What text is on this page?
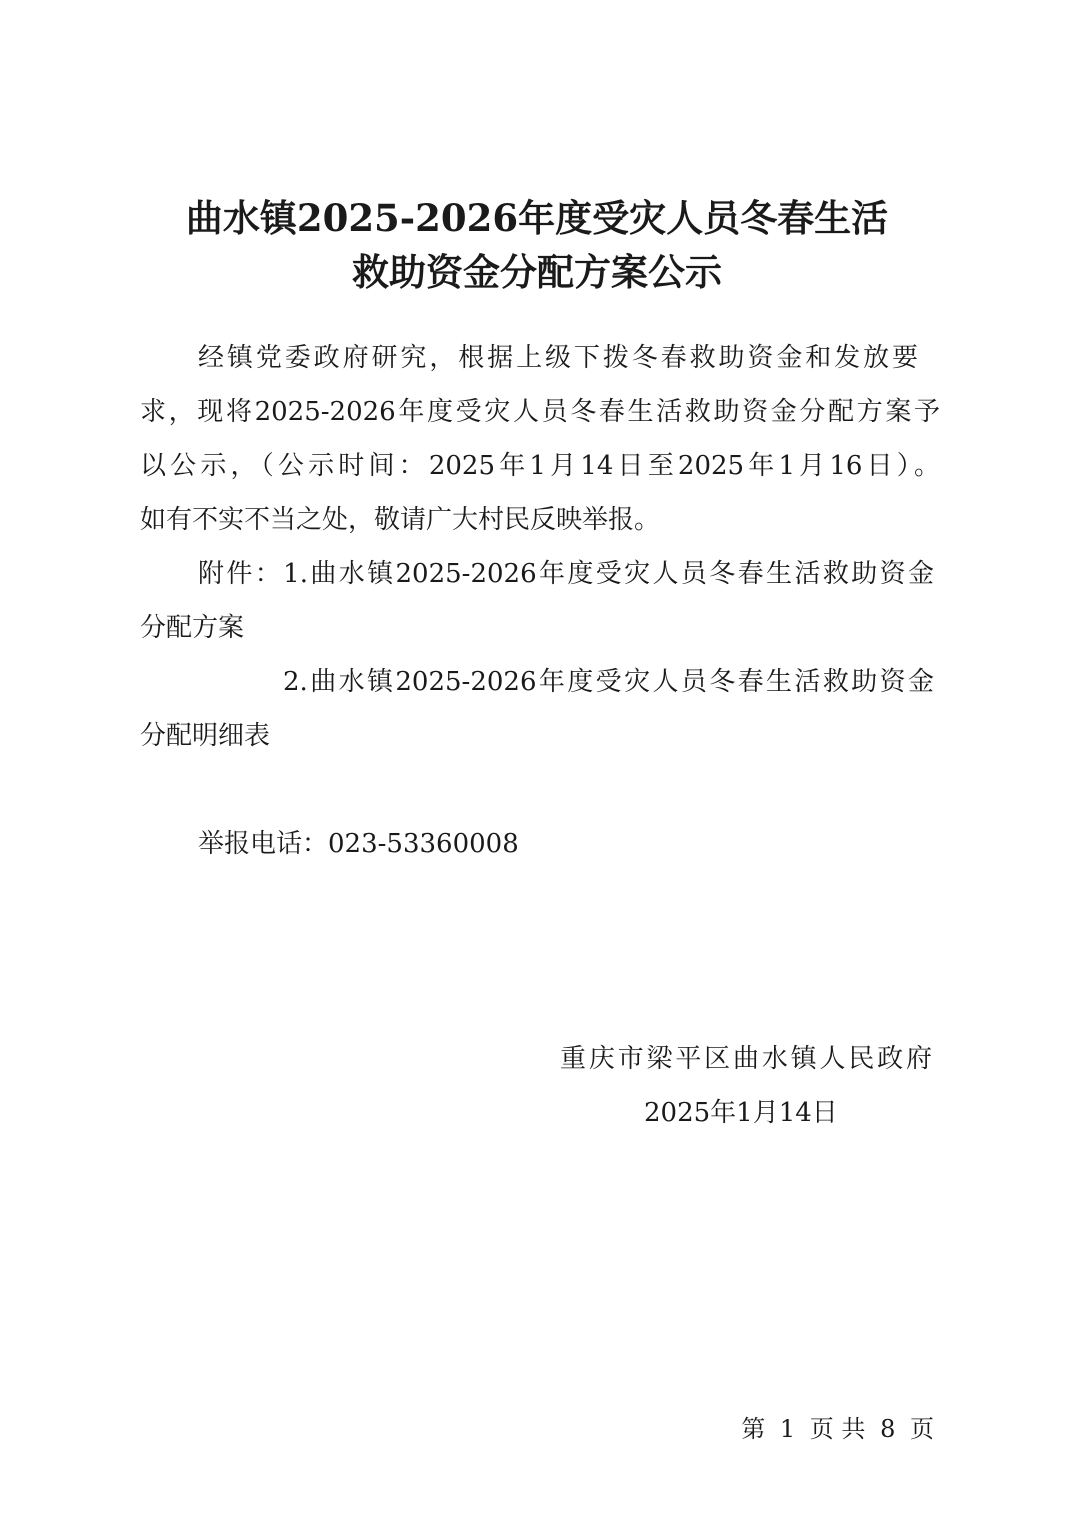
曲水镇2025-2026年度受灾人员冬春生活
救助资金分配方案公示
经镇党委政府研究，根据上级下拨冬春救助资金和发放要
求，现将2025-2026年度受灾人员冬春生活救助资金分配方案予
以公示，（公示时间：2025年1月14日至2025年1月16日）。
如有不实不当之处，敬请广大村民反映举报。
附件：1.曲水镇2025-2026年度受灾人员冬春生活救助资金
分配方案
2.曲水镇2025-2026年度受灾人员冬春生活救助资金
分配明细表
举报电话：023-53360008
重庆市梁平区曲水镇人民政府
2025年1月14日
第 1 页 共 8 页
